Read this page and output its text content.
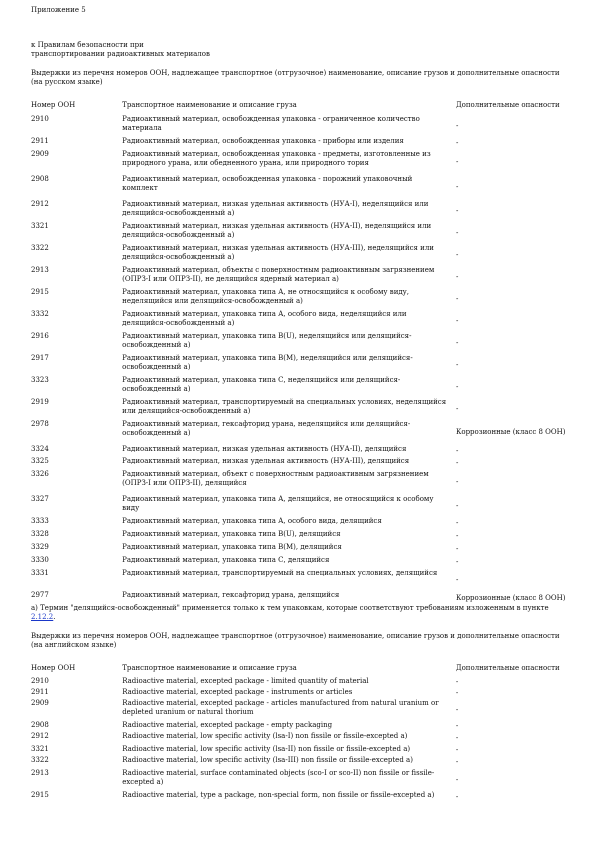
Приложение 5
к Правилам безопасности при
транспортировании радиоактивных материалов
Выдержки из перечня номеров ООН, надлежащее транспортное (отгрузочное) наименование, описание грузов и дополнительные опасности (на русском языке)
Номер ООН	Транспортное наименование и описание груза	Дополнительные опасности
2910	Радиоактивный материал, освобожденная упаковка - ограниченное количество материала	-
2911	Радиоактивный материал, освобожденная упаковка - приборы или изделия	-
2909	Радиоактивный материал, освобожденная упаковка - предметы, изготовленные из природного урана, или обедненного урана, или природного тория	-
2908	Радиоактивный материал, освобожденная упаковка - порожний упаковочный комплект	-
2912	Радиоактивный материал, низкая удельная активность (НУА-I), неделящийся или делящийся-освобожденный а)	-
3321	Радиоактивный материал, низкая удельная активность (НУА-II), неделящийся или делящийся-освобожденный а)	-
3322	Радиоактивный материал, низкая удельная активность (НУА-III), неделящийся или делящийся-освобожденный а)	-
2913	Радиоактивный материал, объекты с поверхностным радиоактивным загрязнением (ОПРЗ-I или ОПРЗ-II), не делящийся ядерный материал а)	-
2915	Радиоактивный материал, упаковка типа А, не относящийся к особому виду, неделящийся или делящийся-освобожденный а)	-
3332	Радиоактивный материал, упаковка типа А, особого вида, неделящийся или делящийся-освобожденный а)	-
2916	Радиоактивный материал, упаковка типа В(U), неделящийся или делящийся-освобожденный а)	-
2917	Радиоактивный материал, упаковка типа В(M), неделящийся или делящийся-освобожденный а)	-
3323	Радиоактивный материал, упаковка типа С, неделящийся или делящийся-освобожденный а)	-
2919	Радиоактивный материал, транспортируемый на специальных условиях, неделящийся или делящийся-освобожденный а)	-
2978	Радиоактивный материал, гексафторид урана, неделящийся или делящийся-освобожденный а)	Коррозионные (класс 8 ООН)
3324	Радиоактивный материал, низкая удельная активность (НУА-II), делящийся	-
3325	Радиоактивный материал, низкая удельная активность (НУА-III), делящийся	-
3326	Радиоактивный материал, объект с поверхностным радиоактивным загрязнением (ОПРЗ-I или ОПРЗ-II), делящийся	-
3327	Радиоактивный материал, упаковка типа А, делящийся, не относящийся к особому виду	-
3333	Радиоактивный материал, упаковка типа А, особого вида, делящийся	-
3328	Радиоактивный материал, упаковка типа В(U), делящийся	-
3329	Радиоактивный материал, упаковка типа В(M), делящийся	-
3330	Радиоактивный материал, упаковка типа С, делящийся	-
3331	Радиоактивный материал, транспортируемый на специальных условиях, делящийся	-
2977	Радиоактивный материал, гексафторид урана, делящийся	Коррозионные (класс 8 ООН)
а) Термин "делящийся-освобожденный" применяется только к тем упаковкам, которые соответствуют требованиям изложенным в пункте 2.12.2.
Выдержки из перечня номеров ООН, надлежащее транспортное (отгрузочное) наименование, описание грузов и дополнительные опасности (на английском языке)
Номер ООН	Транспортное наименование и описание груза	Дополнительные опасности
2910	Radioactive material, excepted package - limited quantity of material	-
2911	Radioactive material, excepted package - instruments or articles	-
2909	Radioactive material, excepted package - articles manufactured from natural uranium or depleted uranium or natural thorium	-
2908	Radioactive material, excepted package - empty packaging	-
2912	Radioactive material, low specific activity (lsa-I) non fissile or fissile-excepted a)	-
3321	Radioactive material, low specific activity (lsa-II) non fissile or fissile-excepted a)	-
3322	Radioactive material, low specific activity (lsa-III) non fissile or fissile-excepted a)	-
2913	Radioactive material, surface contaminated objects (sco-I or sco-II) non fissile or fissile-excepted a)	-
2915	Radioactive material, type a package, non-special form, non fissile or fissile-excepted a)	-
